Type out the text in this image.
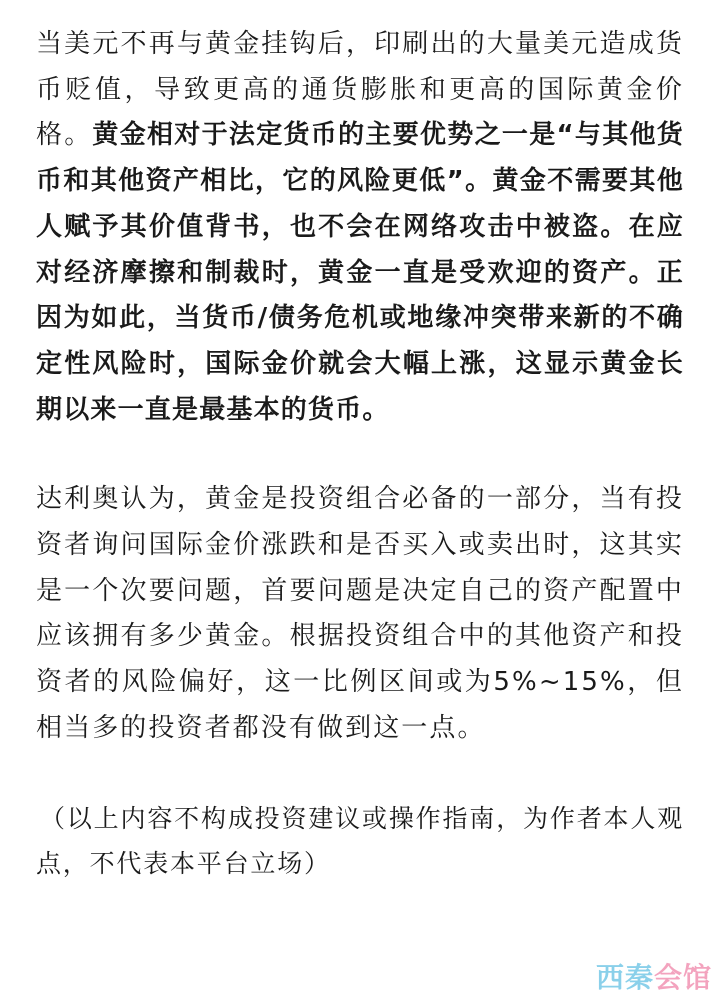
当美元不再与黄金挂钩后，印刷出的大量美元造成货币贬值，导致更高的通货膨胀和更高的国际黄金价格。黄金相对于法定货币的主要优势之一是“与其他货币和其他资产相比，它的风险更低”。黄金不需要其他人赋予其价值背书，也不会在网络攻击中被盗。在应对经济摩擦和制裁时，黄金一直是受欢迎的资产。正因为如此，当货币/债务危机或地缘冲突带来新的不确定性风险时，国际金价就会大幅上涨，这显示黄金长期以来一直是最基本的货币。

达利奥认为，黄金是投资组合必备的一部分，当有投资者询问国际金价涨跌和是否买入或卖出时，这其实是一个次要问题，首要问题是决定自己的资产配置中应该拥有多少黄金。根据投资组合中的其他资产和投资者的风险偏好，这一比例区间或为5%~15%，但相当多的投资者都没有做到这一点。

（以上内容不构成投资建议或操作指南，为作者本人观点，不代表本平台立场）

西秦会馆
